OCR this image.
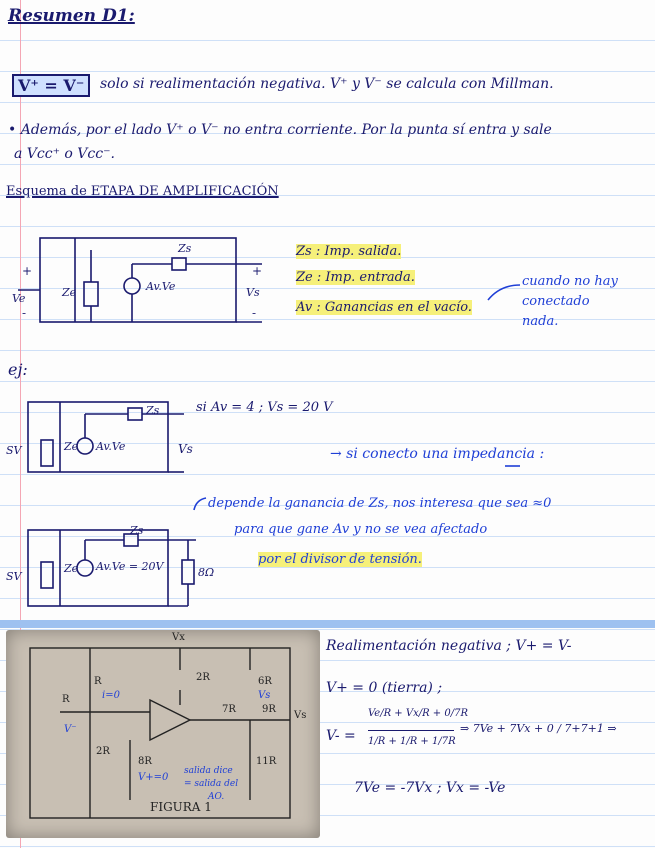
Resumen D1:
V⁺ = V⁻	solo si realimentación negativa. V⁺ y V⁻ se calcula con Millman.
• Además, por el lado V⁺ o V⁻ no entra corriente. Por la punta sí entra y sale
a Vcc⁺ o Vcc⁻.
Esquema de ETAPA DE AMPLIFICACIÓN
Zs
Ze	Av.Ve
Ve	Vs
+
-
+
-
Zs : Imp. salida.
Ze : Imp. entrada.
Av : Ganancias en el vacío.
cuando no hay
conectado
nada.
ej:
si Av = 4 ; Vs = 20 V
SV	Ze
Zs
Av.Ve	Vs	→ si conecto una impedancia :
depende la ganancia de Zs, nos interesa que sea ≈0
para que gane Av y no se vea afectado
por el divisor de tensión.
SV
Ze
Zs
Av.Ve = 20V	8Ω
FIGURA 1
Vx
R
R
2R	6R
7R	9R
2R
8R	11R
Vs
i=0
V⁻
Vs
V+=0
salida dice
= salida del
AO.
Realimentación negativa ; V+ = V-
V+ = 0 (tierra) ;
V- =
Ve/R + Vx/R + 0/7R
1/R + 1/R + 1/7R
⇒ 7Ve + 7Vx + 0 / 7+7+1 ⇒
7Ve = -7Vx ; Vx = -Ve
